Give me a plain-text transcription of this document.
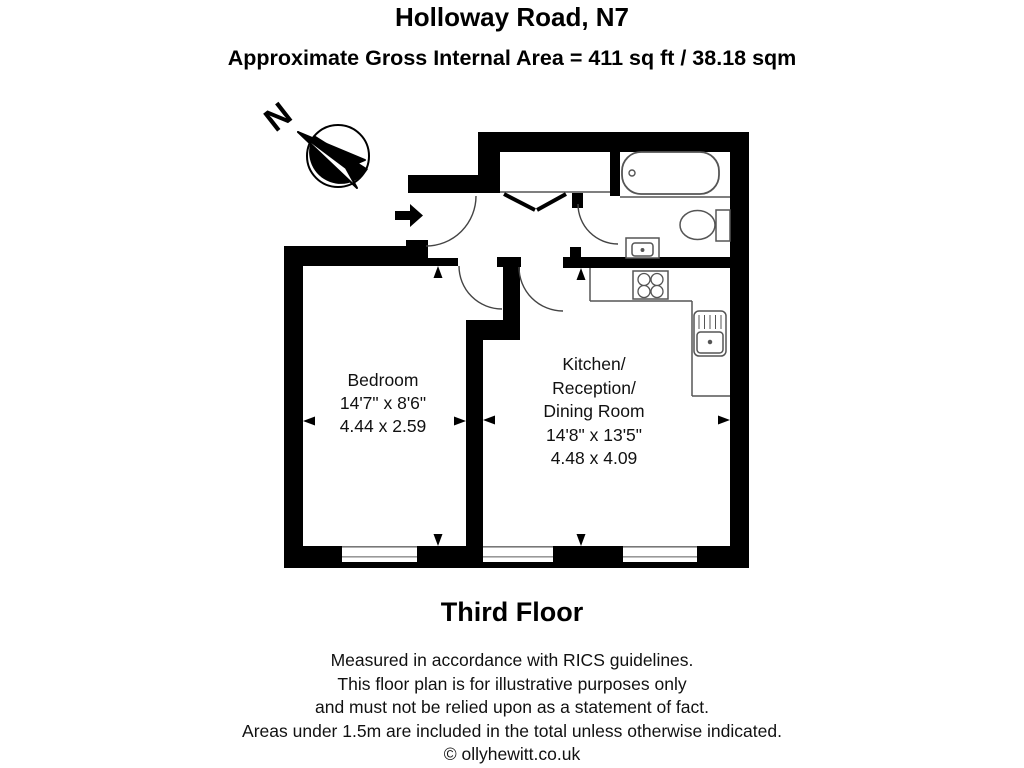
Holloway Road, N7
Approximate Gross Internal Area = 411 sq ft / 38.18 sqm
N
Bedroom
14'7" x 8'6"
4.44 x 2.59
Kitchen/
Reception/
Dining Room
14'8" x 13'5"
4.48 x 4.09
Third Floor
Measured in accordance with RICS guidelines.
This floor plan is for illustrative purposes only
and must not be relied upon as a statement of fact.
Areas under 1.5m are included in the total unless otherwise indicated.
© ollyhewitt.co.uk
